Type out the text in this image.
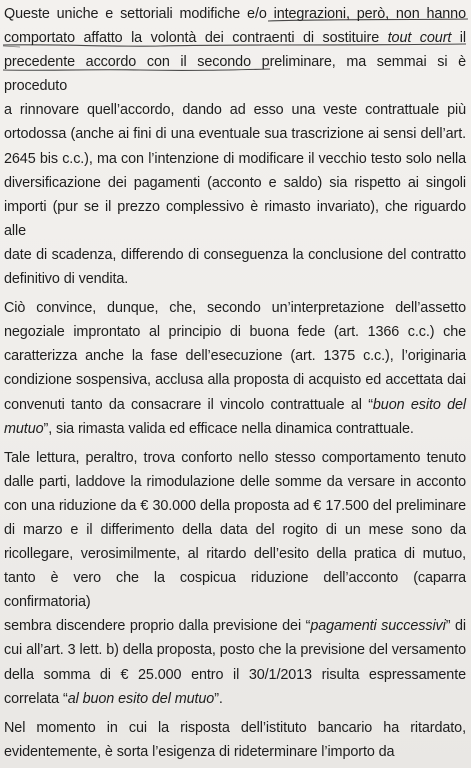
Queste uniche e settoriali modifiche e/o integrazioni, però, non hanno
comportato affatto la volontà dei contraenti di sostituire tout court il
precedente accordo con il secondo preliminare, ma semmai si è proceduto
a rinnovare quell’accordo, dando ad esso una veste contrattuale più
ortodossa (anche ai fini di una eventuale sua trascrizione ai sensi dell’art.
2645 bis c.c.), ma con l’intenzione di modificare il vecchio testo solo nella
diversificazione dei pagamenti (acconto e saldo) sia rispetto ai singoli
importi (pur se il prezzo complessivo è rimasto invariato), che riguardo alle
date di scadenza, differendo di conseguenza la conclusione del contratto
definitivo di vendita.

Ciò convince, dunque, che, secondo un’interpretazione dell’assetto
negoziale improntato al principio di buona fede (art. 1366 c.c.) che
caratterizza anche la fase dell’esecuzione (art. 1375 c.c.), l’originaria
condizione sospensiva, acclusa alla proposta di acquisto ed accettata dai
convenuti tanto da consacrare il vincolo contrattuale al “buon esito del
mutuo”, sia rimasta valida ed efficace nella dinamica contrattuale.

Tale lettura, peraltro, trova conforto nello stesso comportamento tenuto
dalle parti, laddove la rimodulazione delle somme da versare in acconto
con una riduzione da € 30.000 della proposta ad € 17.500 del preliminare
di marzo e il differimento della data del rogito di un mese sono da
ricollegare, verosimilmente, al ritardo dell’esito della pratica di mutuo,
tanto è vero che la cospicua riduzione dell’acconto (caparra confirmatoria)
sembra discendere proprio dalla previsione dei “pagamenti successivi” di
cui all’art. 3 lett. b) della proposta, posto che la previsione del versamento
della somma di € 25.000 entro il 30/1/2013 risulta espressamente
correlata “al buon esito del mutuo”.

Nel momento in cui la risposta dell’istituto bancario ha ritardato,
evidentemente, è sorta l’esigenza di rideterminare l’importo da
